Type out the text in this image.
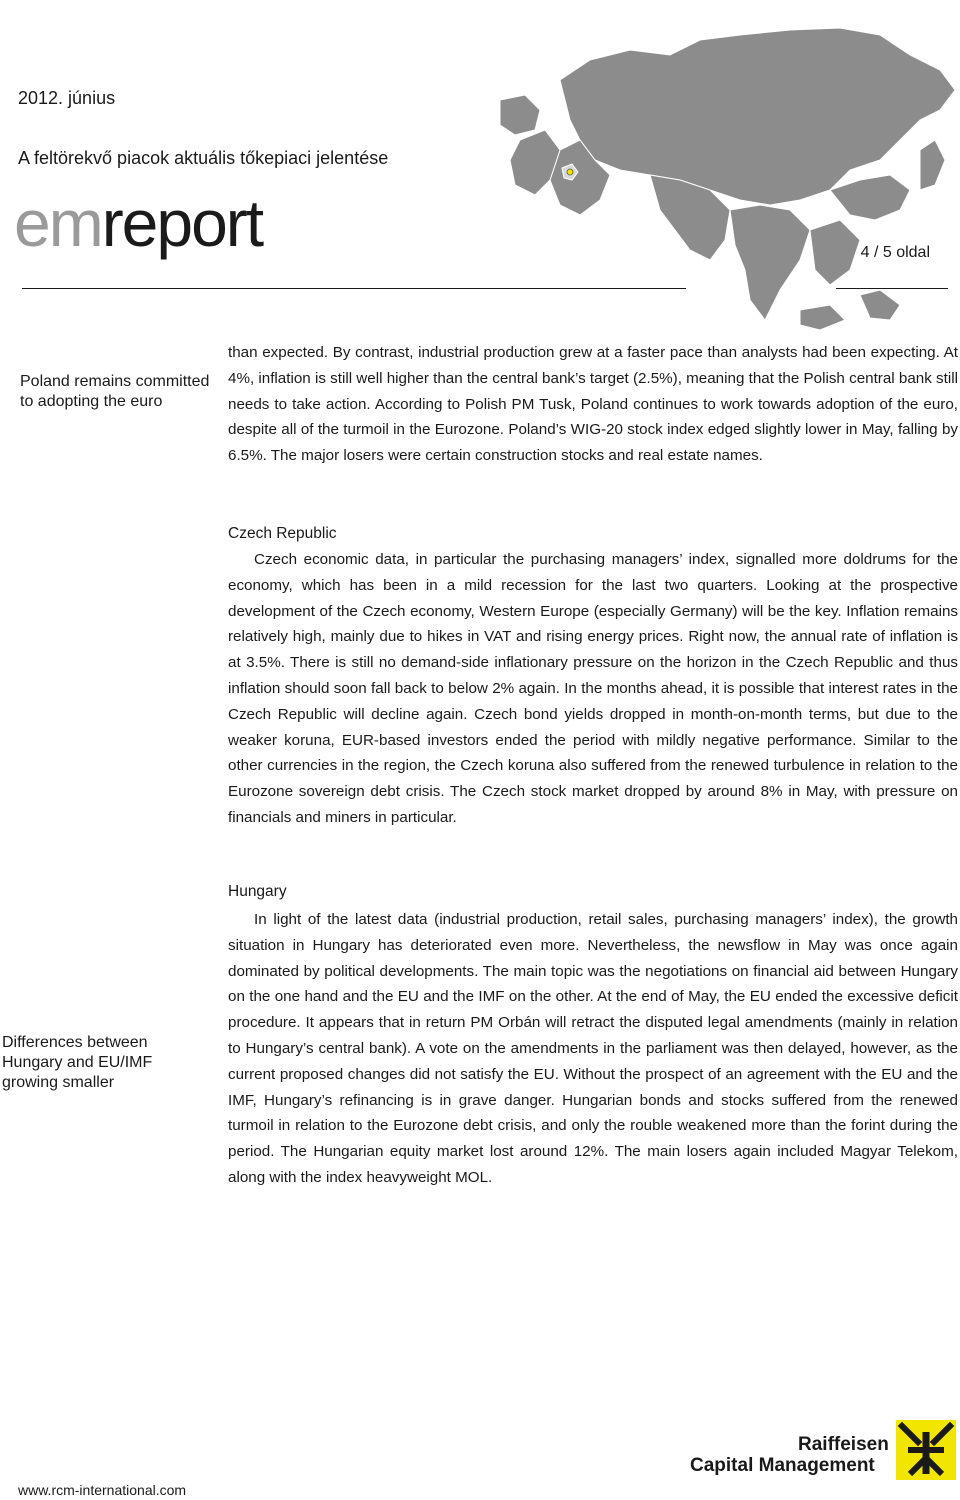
2012. június
A feltörekvő piacok aktuális tőkepiaci jelentése
emreport	4 / 5 oldal
Poland remains committed to adopting the euro
Differences between Hungary and EU/IMF growing smaller

than expected. By contrast, industrial production grew at a faster pace than analysts had been expecting. At 4%, inflation is still well higher than the central bank’s target (2.5%), meaning that the Polish central bank still needs to take action. According to Polish PM Tusk, Poland continues to work towards adoption of the euro, despite all of the turmoil in the Eurozone. Poland’s WIG-20 stock index edged slightly lower in May, falling by 6.5%. The major losers were certain construction stocks and real estate names.

Czech Republic

Czech economic data, in particular the purchasing managers’ index, signalled more doldrums for the economy, which has been in a mild recession for the last two quarters. Looking at the prospective development of the Czech economy, Western Europe (especially Germany) will be the key. Inflation remains relatively high, mainly due to hikes in VAT and rising energy prices. Right now, the annual rate of inflation is at 3.5%. There is still no demand-side inflationary pressure on the horizon in the Czech Republic and thus inflation should soon fall back to below 2% again. In the months ahead, it is possible that interest rates in the Czech Republic will decline again. Czech bond yields dropped in month-on-month terms, but due to the weaker koruna, EUR-based investors ended the period with mildly negative performance. Similar to the other currencies in the region, the Czech koruna also suffered from the renewed turbulence in relation to the Eurozone sovereign debt crisis. The Czech stock market dropped by around 8% in May, with pressure on financials and miners in particular.

Hungary

In light of the latest data (industrial production, retail sales, purchasing managers’ index), the growth situation in Hungary has deteriorated even more. Nevertheless, the newsflow in May was once again dominated by political developments. The main topic was the negotiations on financial aid between Hungary on the one hand and the EU and the IMF on the other. At the end of May, the EU ended the excessive deficit procedure. It appears that in return PM Orbán will retract the disputed legal amendments (mainly in relation to Hungary’s central bank). A vote on the amendments in the parliament was then delayed, however, as the current proposed changes did not satisfy the EU. Without the prospect of an agreement with the EU and the IMF, Hungary’s refinancing is in grave danger. Hungarian bonds and stocks suffered from the renewed turmoil in relation to the Eurozone debt crisis, and only the rouble weakened more than the forint during the period. The Hungarian equity market lost around 12%. The main losers again included Magyar Telekom, along with the index heavyweight MOL.

www.rcm-international.com
Raiffeisen
Capital Management
